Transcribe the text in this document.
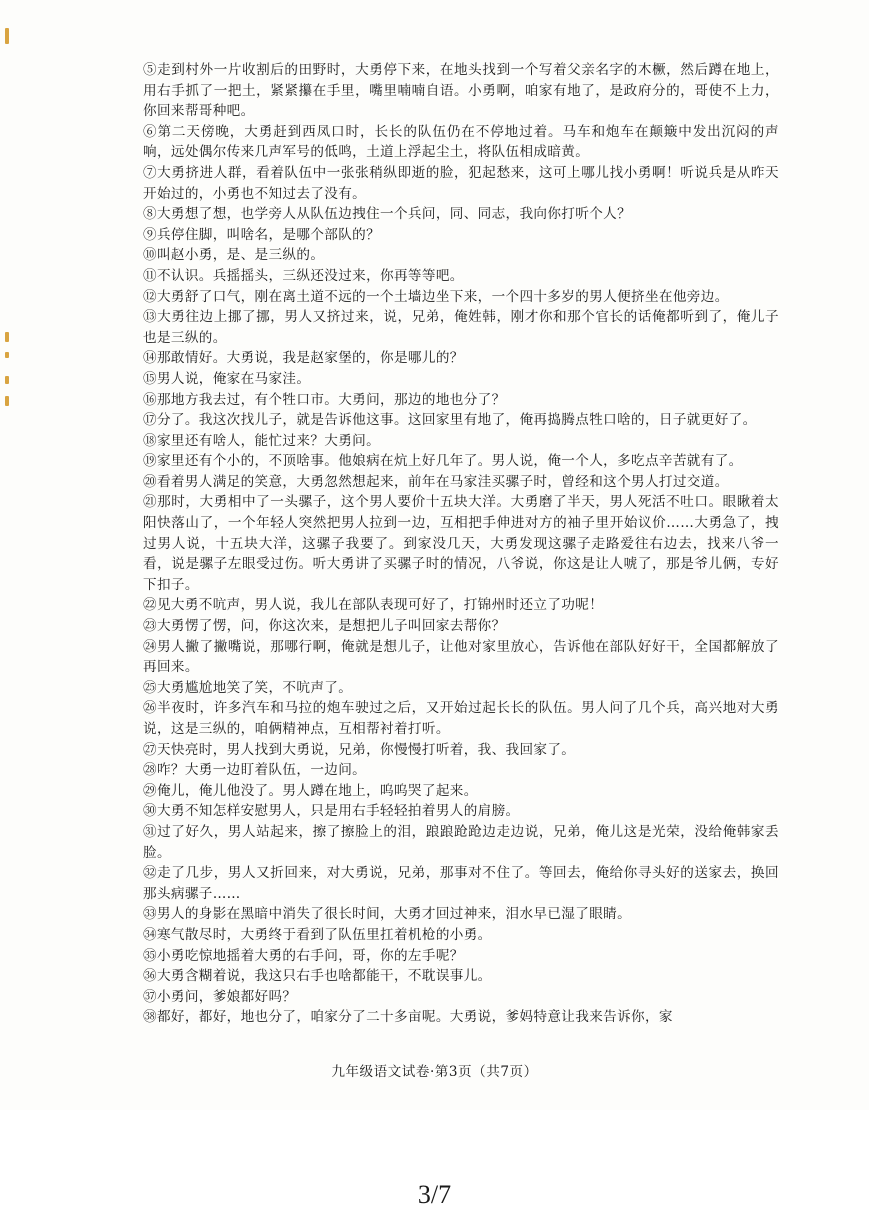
⑤走到村外一片收割后的田野时，大勇停下来，在地头找到一个写着父亲名字的木橛，然后蹲在地上，用右手抓了一把土，紧紧攥在手里，嘴里喃喃自语。小勇啊，咱家有地了，是政府分的，哥使不上力，你回来帮哥种吧。

⑥第二天傍晚，大勇赶到西凤口时，长长的队伍仍在不停地过着。马车和炮车在颠簸中发出沉闷的声响，远处偶尔传来几声军号的低鸣，土道上浮起尘土，将队伍相成暗黄。

⑦大勇挤进人群，看着队伍中一张张稍纵即逝的脸，犯起愁来，这可上哪儿找小勇啊！听说兵是从昨天开始过的，小勇也不知过去了没有。

⑧大勇想了想，也学旁人从队伍边拽住一个兵问，同、同志，我向你打听个人？

⑨兵停住脚，叫啥名，是哪个部队的？

⑩叫赵小勇，是、是三纵的。

⑪不认识。兵摇摇头，三纵还没过来，你再等等吧。

⑫大勇舒了口气，刚在离土道不远的一个土墙边坐下来，一个四十多岁的男人便挤坐在他旁边。

⑬大勇往边上挪了挪，男人又挤过来，说，兄弟，俺姓韩，刚才你和那个官长的话俺都听到了，俺儿子也是三纵的。

⑭那敢情好。大勇说，我是赵家堡的，你是哪儿的？

⑮男人说，俺家在马家洼。

⑯那地方我去过，有个牲口市。大勇问，那边的地也分了？

⑰分了。我这次找儿子，就是告诉他这事。这回家里有地了，俺再捣腾点牲口啥的，日子就更好了。

⑱家里还有啥人，能忙过来？大勇问。

⑲家里还有个小的，不顶啥事。他娘病在炕上好几年了。男人说，俺一个人，多吃点辛苦就有了。

⑳看着男人满足的笑意，大勇忽然想起来，前年在马家洼买骡子时，曾经和这个男人打过交道。

㉑那时，大勇相中了一头骡子，这个男人要价十五块大洋。大勇磨了半天，男人死活不吐口。眼瞅着太阳快落山了，一个年轻人突然把男人拉到一边，互相把手伸进对方的袖子里开始议价……大勇急了，拽过男人说，十五块大洋，这骡子我要了。到家没几天，大勇发现这骡子走路爱往右边去，找来八爷一看，说是骡子左眼受过伤。听大勇讲了买骡子时的情况，八爷说，你这是让人唬了，那是爷儿俩，专好下扣子。

㉒见大勇不吭声，男人说，我儿在部队表现可好了，打锦州时还立了功呢！

㉓大勇愣了愣，问，你这次来，是想把儿子叫回家去帮你？

㉔男人撇了撇嘴说，那哪行啊，俺就是想儿子，让他对家里放心，告诉他在部队好好干，全国都解放了再回来。

㉕大勇尴尬地笑了笑，不吭声了。

㉖半夜时，许多汽车和马拉的炮车驶过之后，又开始过起长长的队伍。男人问了几个兵，高兴地对大勇说，这是三纵的，咱俩精神点，互相帮衬着打听。

㉗天快亮时，男人找到大勇说，兄弟，你慢慢打听着，我、我回家了。

㉘咋？大勇一边盯着队伍，一边问。

㉙俺儿，俺儿他没了。男人蹲在地上，呜呜哭了起来。

㉚大勇不知怎样安慰男人，只是用右手轻轻拍着男人的肩膀。

㉛过了好久，男人站起来，擦了擦脸上的泪，踉踉跄跄边走边说，兄弟，俺儿这是光荣，没给俺韩家丢脸。

㉜走了几步，男人又折回来，对大勇说，兄弟，那事对不住了。等回去，俺给你寻头好的送家去，换回那头病骡子……

㉝男人的身影在黑暗中消失了很长时间，大勇才回过神来，泪水早已湿了眼睛。

㉞寒气散尽时，大勇终于看到了队伍里扛着机枪的小勇。

㉟小勇吃惊地摇着大勇的右手问，哥，你的左手呢？

㊱大勇含糊着说，我这只右手也啥都能干，不耽误事儿。

㊲小勇问，爹娘都好吗？

㊳都好，都好，地也分了，咱家分了二十多亩呢。大勇说，爹妈特意让我来告诉你，家

九年级语文试卷·第3页（共7页）
3/7
